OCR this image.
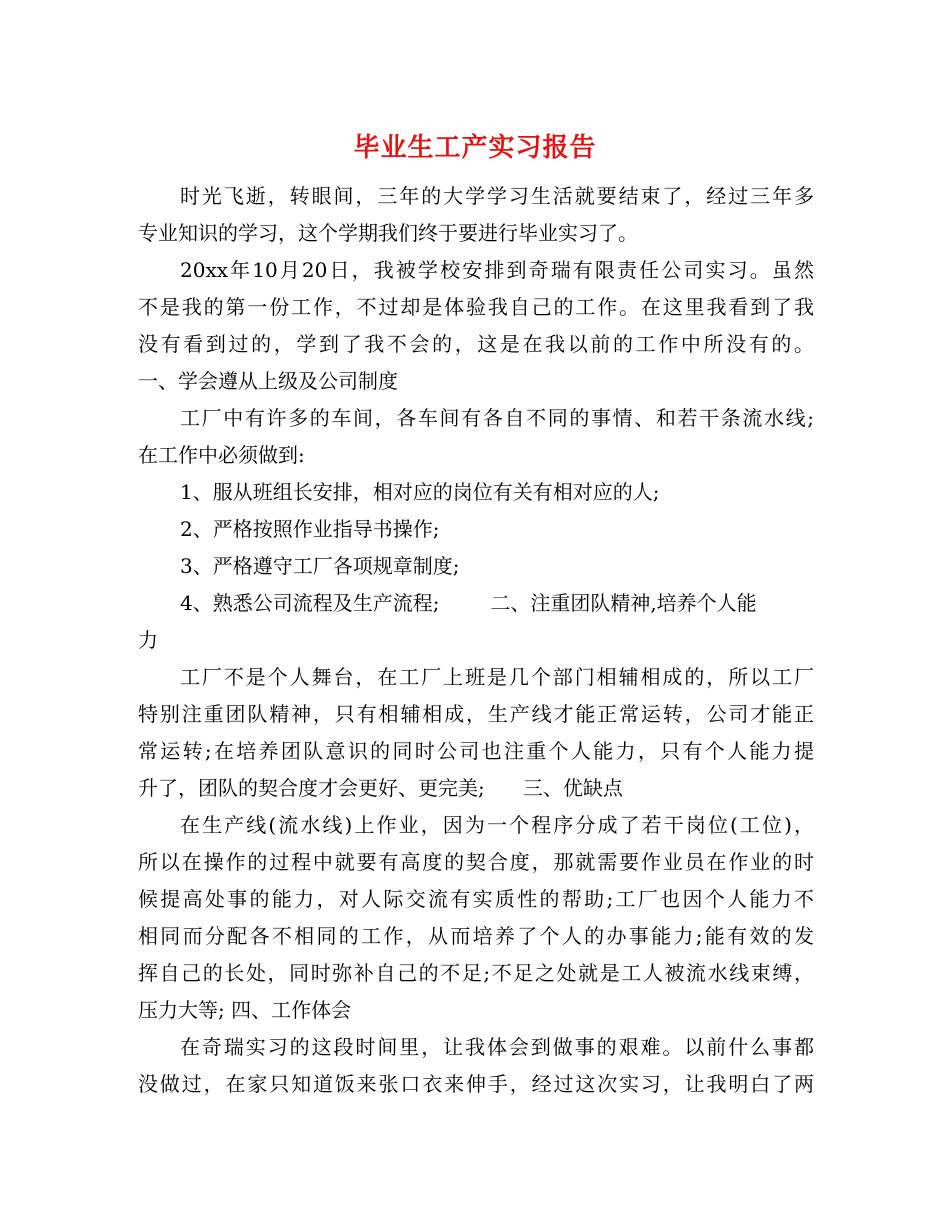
毕业生工产实习报告
时光飞逝，转眼间，三年的大学学习生活就要结束了，经过三年多
专业知识的学习，这个学期我们终于要进行毕业实习了。
20xx年10月20日，我被学校安排到奇瑞有限责任公司实习。虽然
不是我的第一份工作，不过却是体验我自己的工作。在这里我看到了我
没有看到过的，学到了我不会的，这是在我以前的工作中所没有的。
一、学会遵从上级及公司制度
工厂中有许多的车间，各车间有各自不同的事情、和若干条流水线;
在工作中必须做到:
1、服从班组长安排，相对应的岗位有关有相对应的人;
2、严格按照作业指导书操作;
3、严格遵守工厂各项规章制度;
4、熟悉公司流程及生产流程;        二、注重团队精神,培养个人能
力
工厂不是个人舞台，在工厂上班是几个部门相辅相成的，所以工厂
特别注重团队精神，只有相辅相成，生产线才能正常运转，公司才能正
常运转;在培养团队意识的同时公司也注重个人能力，只有个人能力提
升了，团队的契合度才会更好、更完美;      三、优缺点
在生产线(流水线)上作业，因为一个程序分成了若干岗位(工位)，
所以在操作的过程中就要有高度的契合度，那就需要作业员在作业的时
候提高处事的能力，对人际交流有实质性的帮助;工厂也因个人能力不
相同而分配各不相同的工作，从而培养了个人的办事能力;能有效的发
挥自己的长处，同时弥补自己的不足;不足之处就是工人被流水线束缚，
压力大等; 四、工作体会
在奇瑞实习的这段时间里，让我体会到做事的艰难。以前什么事都
没做过，在家只知道饭来张口衣来伸手，经过这次实习，让我明白了两
